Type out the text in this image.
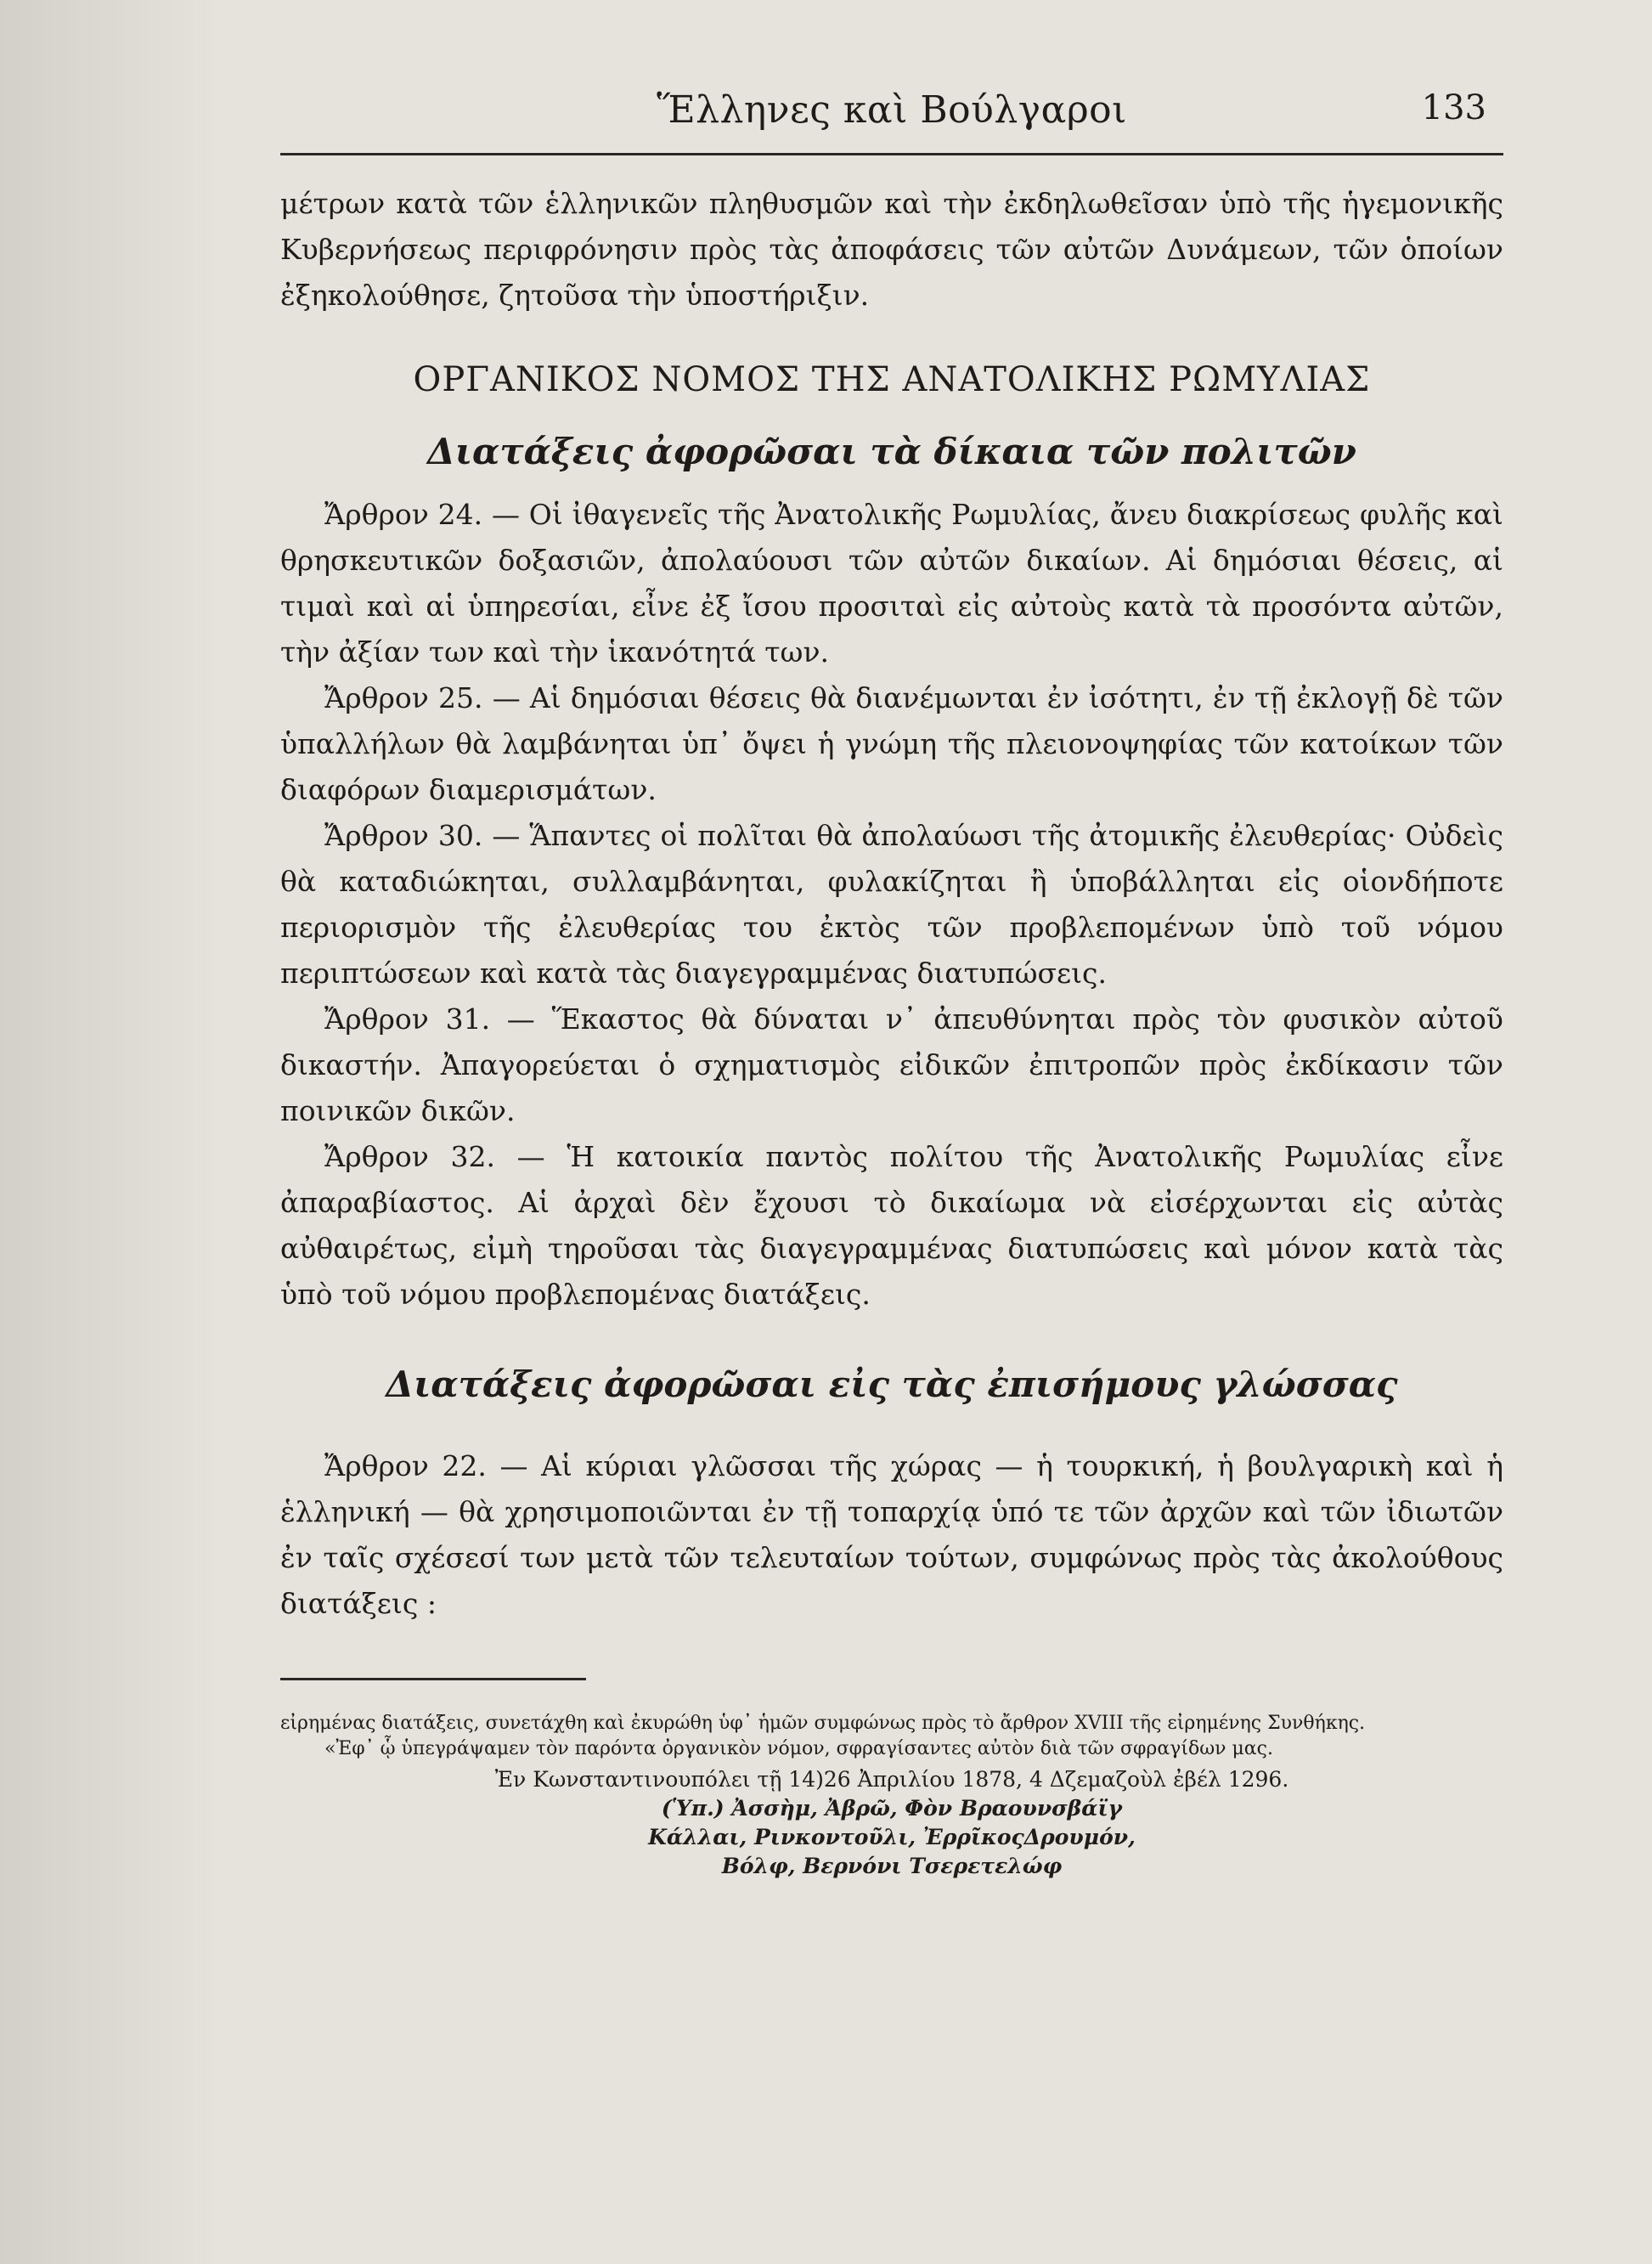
Ἕλληνες καὶ Βούλγαροι	133

μέτρων κατὰ τῶν ἑλληνικῶν πληθυσμῶν καὶ τὴν ἐκδηλωθεῖσαν ὑπὸ τῆς ἡγεμονικῆς Κυβερνήσεως περιφρόνησιν πρὸς τὰς ἀποφάσεις τῶν αὐτῶν Δυνάμεων, τῶν ὁποίων ἐξηκολούθησε, ζητοῦσα τὴν ὑποστήριξιν.

ΟΡΓΑΝΙΚΟΣ ΝΟΜΟΣ ΤΗΣ ΑΝΑΤΟΛΙΚΗΣ ΡΩΜΥΛΙΑΣ
Διατάξεις ἀφορῶσαι τὰ δίκαια τῶν πολιτῶν

Ἄρθρον 24. — Οἱ ἰθαγενεῖς τῆς Ἀνατολικῆς Ρωμυλίας, ἄνευ διακρίσεως φυλῆς καὶ θρησκευτικῶν δοξασιῶν, ἀπολαύουσι τῶν αὐτῶν δικαίων. Αἱ δημόσιαι θέσεις, αἱ τιμαὶ καὶ αἱ ὑπηρεσίαι, εἶνε ἐξ ἴσου προσιταὶ εἰς αὐτοὺς κατὰ τὰ προσόντα αὐτῶν, τὴν ἀξίαν των καὶ τὴν ἱκανότητά των.

Ἄρθρον 25. — Αἱ δημόσιαι θέσεις θὰ διανέμωνται ἐν ἰσότητι, ἐν τῇ ἐκλογῇ δὲ τῶν ὑπαλλήλων θὰ λαμβάνηται ὑπ᾽ ὄψει ἡ γνώμη τῆς πλειονοψηφίας τῶν κατοίκων τῶν διαφόρων διαμερισμάτων.

Ἄρθρον 30. — Ἅπαντες οἱ πολῖται θὰ ἀπολαύωσι τῆς ἀτομικῆς ἐλευθερίας· Οὐδεὶς θὰ καταδιώκηται, συλλαμβάνηται, φυλακίζηται ἢ ὑποβάλληται εἰς οἱονδήποτε περιορισμὸν τῆς ἐλευθερίας του ἐκτὸς τῶν προβλεπομένων ὑπὸ τοῦ νόμου περιπτώσεων καὶ κατὰ τὰς διαγεγραμμένας διατυπώσεις.

Ἄρθρον 31. — Ἕκαστος θὰ δύναται ν᾽ ἀπευθύνηται πρὸς τὸν φυσικὸν αὐτοῦ δικαστήν. Ἀπαγορεύεται ὁ σχηματισμὸς εἰδικῶν ἐπιτροπῶν πρὸς ἐκδίκασιν τῶν ποινικῶν δικῶν.

Ἄρθρον 32. — Ἡ κατοικία παντὸς πολίτου τῆς Ἀνατολικῆς Ρωμυλίας εἶνε ἀπαραβίαστος. Αἱ ἀρχαὶ δὲν ἔχουσι τὸ δικαίωμα νὰ εἰσέρχωνται εἰς αὐτὰς αὐθαιρέτως, εἰμὴ τηροῦσαι τὰς διαγεγραμμένας διατυπώσεις καὶ μόνον κατὰ τὰς ὑπὸ τοῦ νόμου προβλεπομένας διατάξεις.

Διατάξεις ἀφορῶσαι εἰς τὰς ἐπισήμους γλώσσας

Ἄρθρον 22. — Αἱ κύριαι γλῶσσαι τῆς χώρας — ἡ τουρκική, ἡ βουλγαρικὴ καὶ ἡ ἑλληνική — θὰ χρησιμοποιῶνται ἐν τῇ τοπαρχίᾳ ὑπό τε τῶν ἀρχῶν καὶ τῶν ἰδιωτῶν ἐν ταῖς σχέσεσί των μετὰ τῶν τελευταίων τούτων, συμφώνως πρὸς τὰς ἀκολούθους διατάξεις :

εἰρημένας διατάξεις, συνετάχθη καὶ ἐκυρώθη ὑφ᾽ ἡμῶν συμφώνως πρὸς τὸ ἄρθρον XVIII τῆς εἰρημένης Συνθήκης.

«Ἐφ᾽ ᾧ ὑπεγράψαμεν τὸν παρόντα ὀργανικὸν νόμον, σφραγίσαντες αὐτὸν διὰ τῶν σφραγίδων μας.

Ἐν Κωνσταντινουπόλει τῇ 14)26 Ἀπριλίου 1878, 4 Δζεμαζοὺλ ἐβέλ 1296.
(Ὑπ.) Ἀσσὴμ, Ἀβρῶ, Φὸν Βραουνσβάϊγ
Κάλλαι, Ρινκοντοῦλι, ἘρρῖκοςΔρουμόν,
Βόλφ, Βερνόνι Τσερετελώφ
